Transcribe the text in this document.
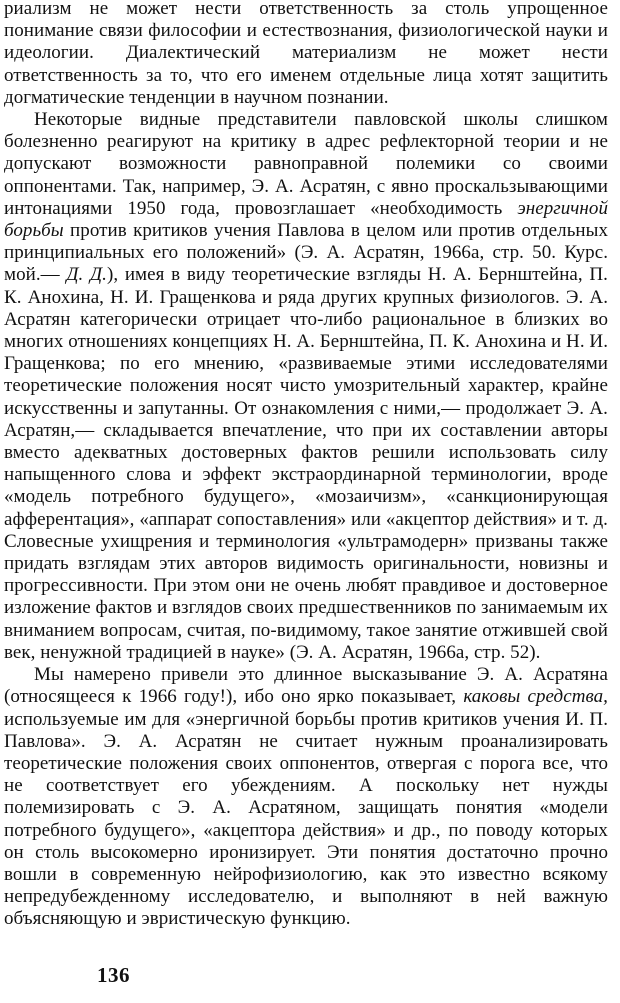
риализм не может нести ответственность за столь упрощенное понимание связи философии и естествознания, физиологической науки и идеологии. Диалектический материализм не может нести ответственность за то, что его именем отдельные лица хотят защитить догматические тенденции в научном познании.

Некоторые видные представители павловской школы слишком болезненно реагируют на критику в адрес рефлекторной теории и не допускают возможности равноправной полемики со своими оппонентами. Так, например, Э. А. Асратян, с явно проскальзывающими интонациями 1950 года, провозглашает «необходимость энергичной борьбы против критиков учения Павлова в целом или против отдельных принципиальных его положений» (Э. А. Асратян, 1966а, стр. 50. Курс. мой.— Д. Д.), имея в виду теоретические взгляды Н. А. Бернштейна, П. К. Анохина, Н. И. Гращенкова и ряда других крупных физиологов. Э. А. Асратян категорически отрицает что-либо рациональное в близких во многих отношениях концепциях Н. А. Бернштейна, П. К. Анохина и Н. И. Гращенкова; по его мнению, «развиваемые этими исследователями теоретические положения носят чисто умозрительный характер, крайне искусственны и запутанны. От ознакомления с ними,— продолжает Э. А. Асратян,— складывается впечатление, что при их составлении авторы вместо адекватных достоверных фактов решили использовать силу напыщенного слова и эффект экстраординарной терминологии, вроде «модель потребного будущего», «мозаичизм», «санкционирующая афферентация», «аппарат сопоставления» или «акцептор действия» и т. д. Словесные ухищрения и терминология «ультрамодерн» призваны также придать взглядам этих авторов видимость оригинальности, новизны и прогрессивности. При этом они не очень любят правдивое и достоверное изложение фактов и взглядов своих предшественников по занимаемым их вниманием вопросам, считая, по-видимому, такое занятие отжившей свой век, ненужной традицией в науке» (Э. А. Асратян, 1966а, стр. 52).

Мы намерено привели это длинное высказывание Э. А. Асратяна (относящееся к 1966 году!), ибо оно ярко показывает, каковы средства, используемые им для «энергичной борьбы против критиков учения И. П. Павлова». Э. А. Асратян не считает нужным проанализировать теоретические положения своих оппонентов, отвергая с порога все, что не соответствует его убеждениям. А поскольку нет нужды полемизировать с Э. А. Асратяном, защищать понятия «модели потребного будущего», «акцептора действия» и др., по поводу которых он столь высокомерно иронизирует. Эти понятия достаточно прочно вошли в современную нейрофизиологию, как это известно всякому непредубежденному исследователю, и выполняют в ней важную объясняющую и эвристическую функцию.

136
